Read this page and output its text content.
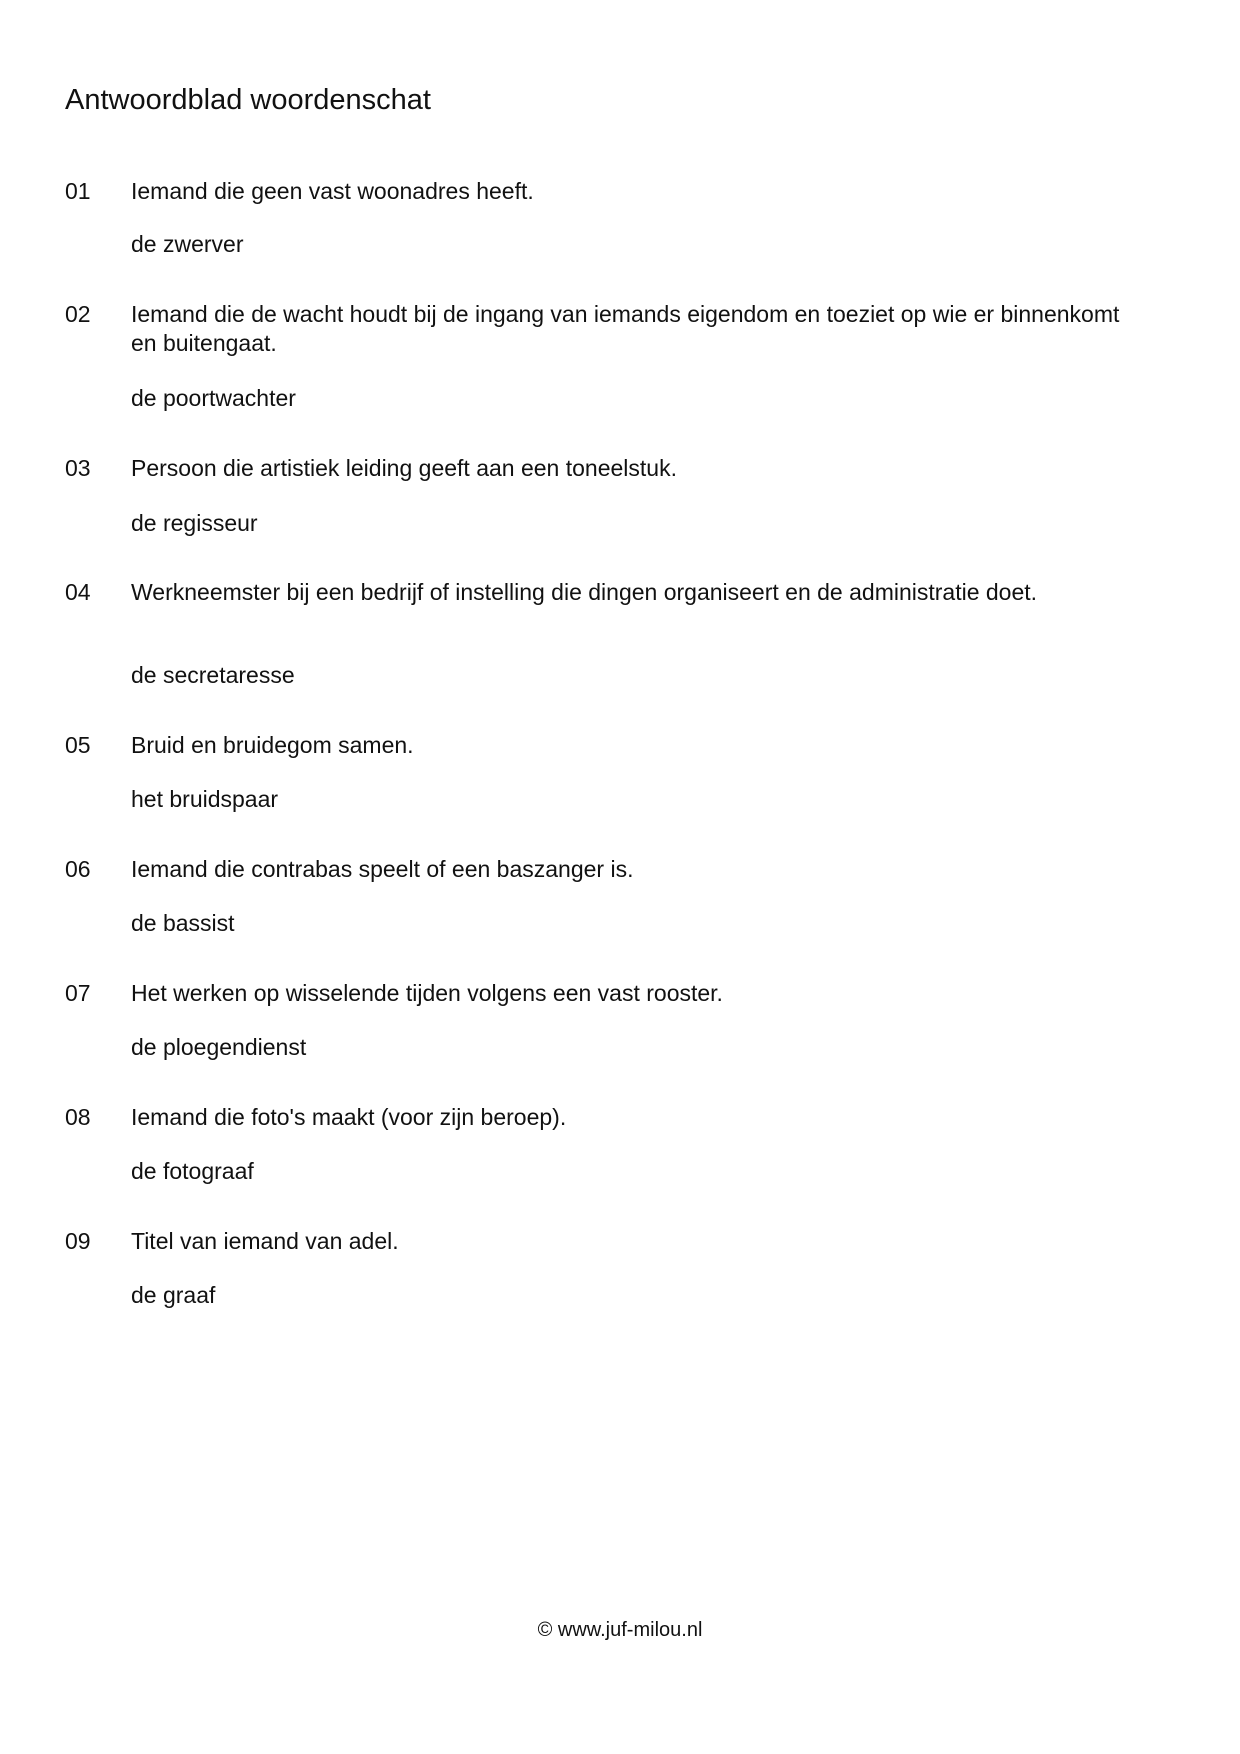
Antwoordblad woordenschat
01 Iemand die geen vast woonadres heeft.
de zwerver
02 Iemand die de wacht houdt bij de ingang van iemands eigendom en toeziet op wie er binnenkomt en buitengaat.
de poortwachter
03 Persoon die artistiek leiding geeft aan een toneelstuk.
de regisseur
04 Werkneemster bij een bedrijf of instelling die dingen organiseert en de administratie doet.
de secretaresse
05 Bruid en bruidegom samen.
het bruidspaar
06 Iemand die contrabas speelt of een baszanger is.
de bassist
07 Het werken op wisselende tijden volgens een vast rooster.
de ploegendienst
08 Iemand die foto's maakt (voor zijn beroep).
de fotograaf
09 Titel van iemand van adel.
de graaf
© www.juf-milou.nl
